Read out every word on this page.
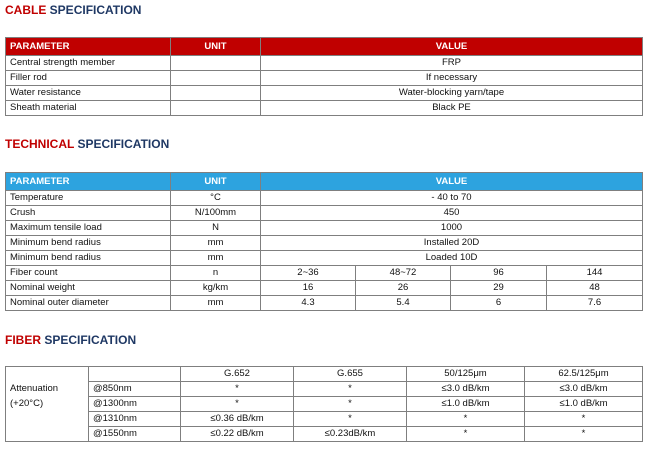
CABLE SPECIFICATION
PARAMETER	UNIT	VALUE
Central strength member		FRP
Filler rod		If necessary
Water resistance		Water-blocking yarn/tape
Sheath material		Black PE
TECHNICAL SPECIFICATION
PARAMETER	UNIT	VALUE			
Temperature	°C	- 40 to 70			
Crush	N/100mm	450			
Maximum tensile load	N	1000			
Minimum bend radius	mm	Installed 20D			
Minimum bend radius	mm	Loaded 10D			
Fiber count	n	2~36	48~72	96	144
Nominal weight	kg/km	16	26	29	48
Nominal outer diameter	mm	4.3	5.4	6	7.6
FIBER SPECIFICATION
		G.652	G.655	50/125μm	62.5/125μm
Attenuation	@850nm	*	*	≤3.0 dB/km	≤3.0 dB/km
(+20°C)	@1300nm	*	*	≤1.0 dB/km	≤1.0 dB/km
	@1310nm	≤0.36 dB/km	*	*	*
	@1550nm	≤0.22 dB/km	≤0.23dB/km	*	*
